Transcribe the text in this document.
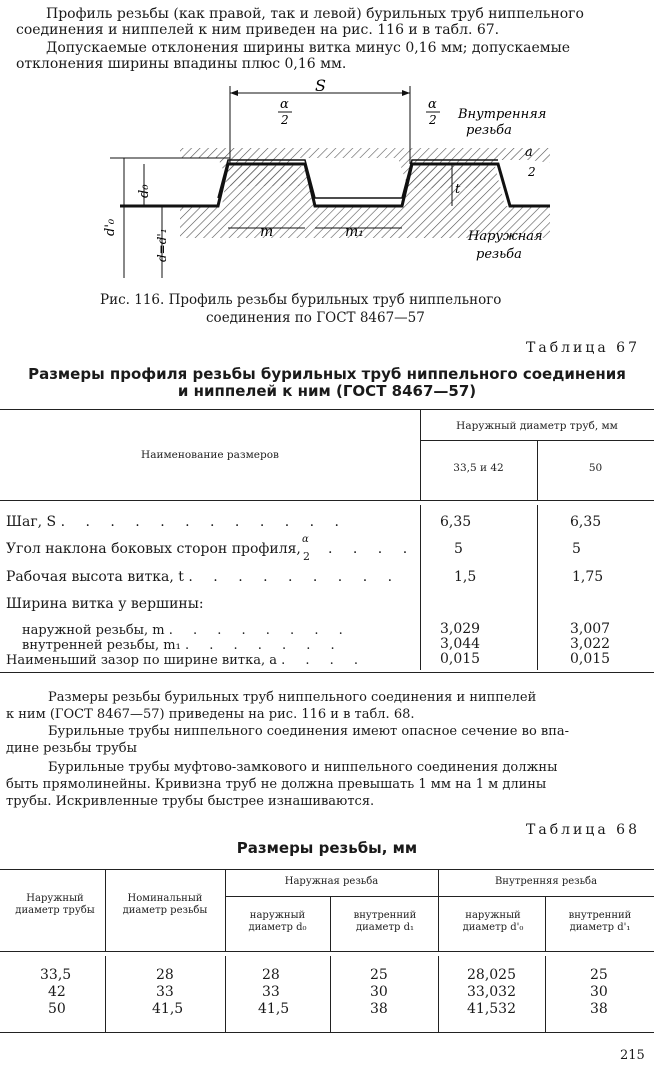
Профиль резьбы (как правой, так и левой) бурильных труб ниппельного
соединения и ниппелей к ним приведен на рис. 116 и в табл. 67.
Допускаемые отклонения ширины витка минус 0,16 мм; допускаемые
отклонения ширины впадины плюс 0,16 мм.
S
α
2
α
2 Внутренняя
резьба
a
2
t
m	m₁	Наружная
резьба
d'₀
d₀
d=d'₁
Рис. 116. Профиль резьбы бурильных труб ниппельного
соединения по ГОСТ 8467—57
Таблица 67
Размеры профиля резьбы бурильных труб ниппельного соединения
и ниппелей к ним (ГОСТ 8467—57)
Наименование размеров
Наружный диаметр труб, мм
33,5 и 42	50
Шаг, S . . . . . . . . . . . .	6,35	6,35
Угол наклона боковых сторон профиля,
α
2 . . . .	5	5
Рабочая высота витка, t . . . . . . . . .	1,5	1,75
Ширина витка у вершины:
наружной резьбы, m . . . . . . . .	3,029	3,007
внутренней резьбы, m₁ . . . . . . .	3,044	3,022
Наименьший зазор по ширине витка, a . . . .	0,015	0,015
Размеры резьбы бурильных труб ниппельного соединения и ниппелей
к ним (ГОСТ 8467—57) приведены на рис. 116 и в табл. 68.
Бурильные трубы ниппельного соединения имеют опасное сечение во впа-
дине резьбы трубы
Бурильные трубы муфтово-замкового и ниппельного соединения должны
быть прямолинейны. Кривизна труб не должна превышать 1 мм на 1 м длины
трубы. Искривленные трубы быстрее изнашиваются.
Таблица 68
Размеры резьбы, мм
Наружный диаметр трубы
Номинальный диаметр резьбы
Наружная резьба	Внутренняя резьба
наружный диаметр d₀
внутренний диаметр d₁
наружный диаметр d'₀
внутренний диаметр d'₁
33,5	28	28	25	28,025	25
42	33	33	30	33,032	30
50	41,5	41,5	38	41,532	38
215
